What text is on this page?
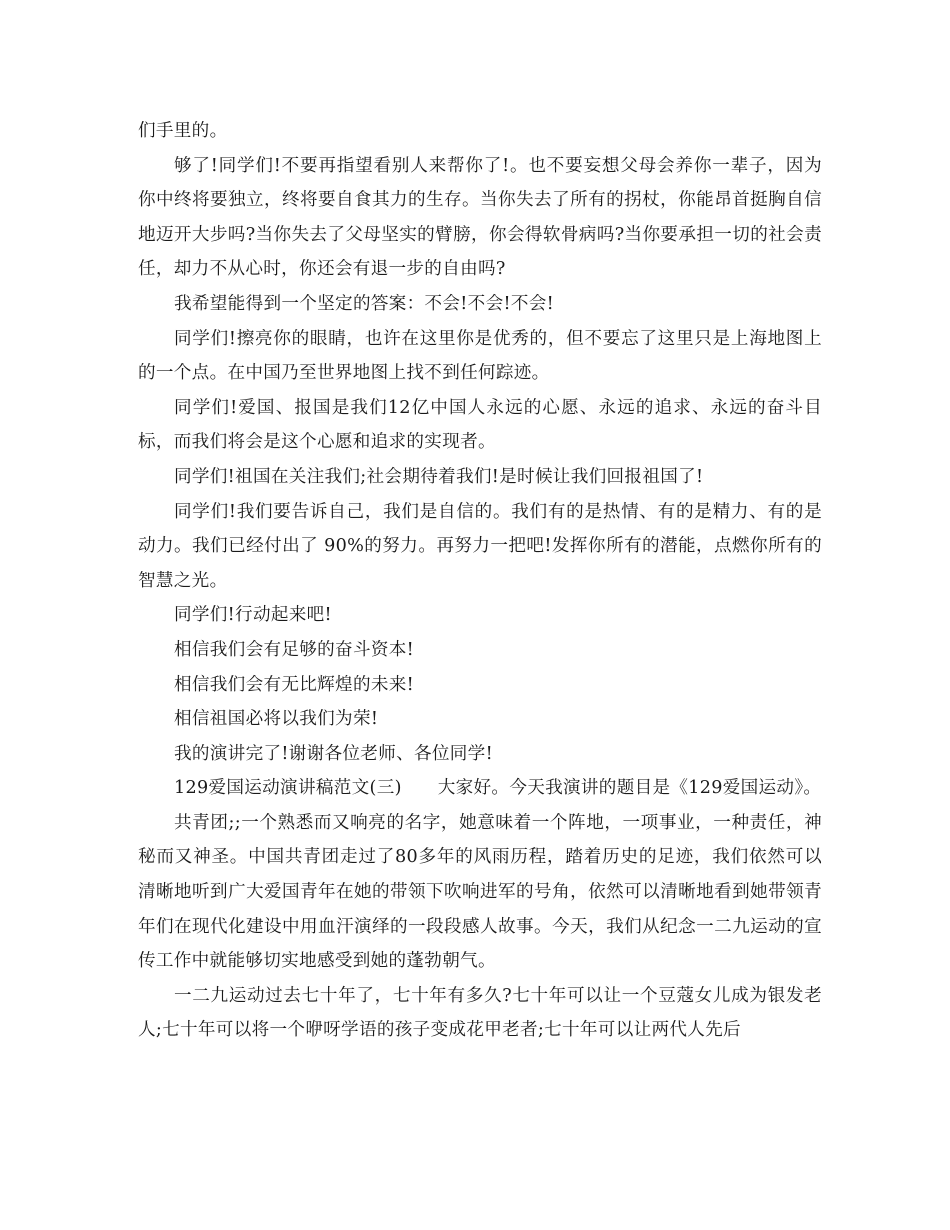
们手里的。

够了!同学们!不要再指望看别人来帮你了!。也不要妄想父母会养你一辈子，因为你中终将要独立，终将要自食其力的生存。当你失去了所有的拐杖，你能昂首挺胸自信地迈开大步吗?当你失去了父母坚实的臂膀，你会得软骨病吗?当你要承担一切的社会责任，却力不从心时，你还会有退一步的自由吗?

我希望能得到一个坚定的答案：不会!不会!不会!

同学们!擦亮你的眼睛，也许在这里你是优秀的，但不要忘了这里只是上海地图上的一个点。在中国乃至世界地图上找不到任何踪迹。

同学们!爱国、报国是我们12亿中国人永远的心愿、永远的追求、永远的奋斗目标，而我们将会是这个心愿和追求的实现者。

同学们!祖国在关注我们;社会期待着我们!是时候让我们回报祖国了!

同学们!我们要告诉自己，我们是自信的。我们有的是热情、有的是精力、有的是动力。我们已经付出了 90%的努力。再努力一把吧!发挥你所有的潜能，点燃你所有的智慧之光。

同学们!行动起来吧!

相信我们会有足够的奋斗资本!

相信我们会有无比辉煌的未来!

相信祖国必将以我们为荣!

我的演讲完了!谢谢各位老师、各位同学!

129爱国运动演讲稿范文(三) 大家好。今天我演讲的题目是《129爱国运动》。

共青团;;一个熟悉而又响亮的名字，她意味着一个阵地，一项事业，一种责任，神秘而又神圣。中国共青团走过了80多年的风雨历程，踏着历史的足迹，我们依然可以清晰地听到广大爱国青年在她的带领下吹响进军的号角，依然可以清晰地看到她带领青年们在现代化建设中用血汗演绎的一段段感人故事。今天，我们从纪念一二九运动的宣传工作中就能够切实地感受到她的蓬勃朝气。

一二九运动过去七十年了，七十年有多久?七十年可以让一个豆蔻女儿成为银发老人;七十年可以将一个咿呀学语的孩子变成花甲老者;七十年可以让两代人先后
